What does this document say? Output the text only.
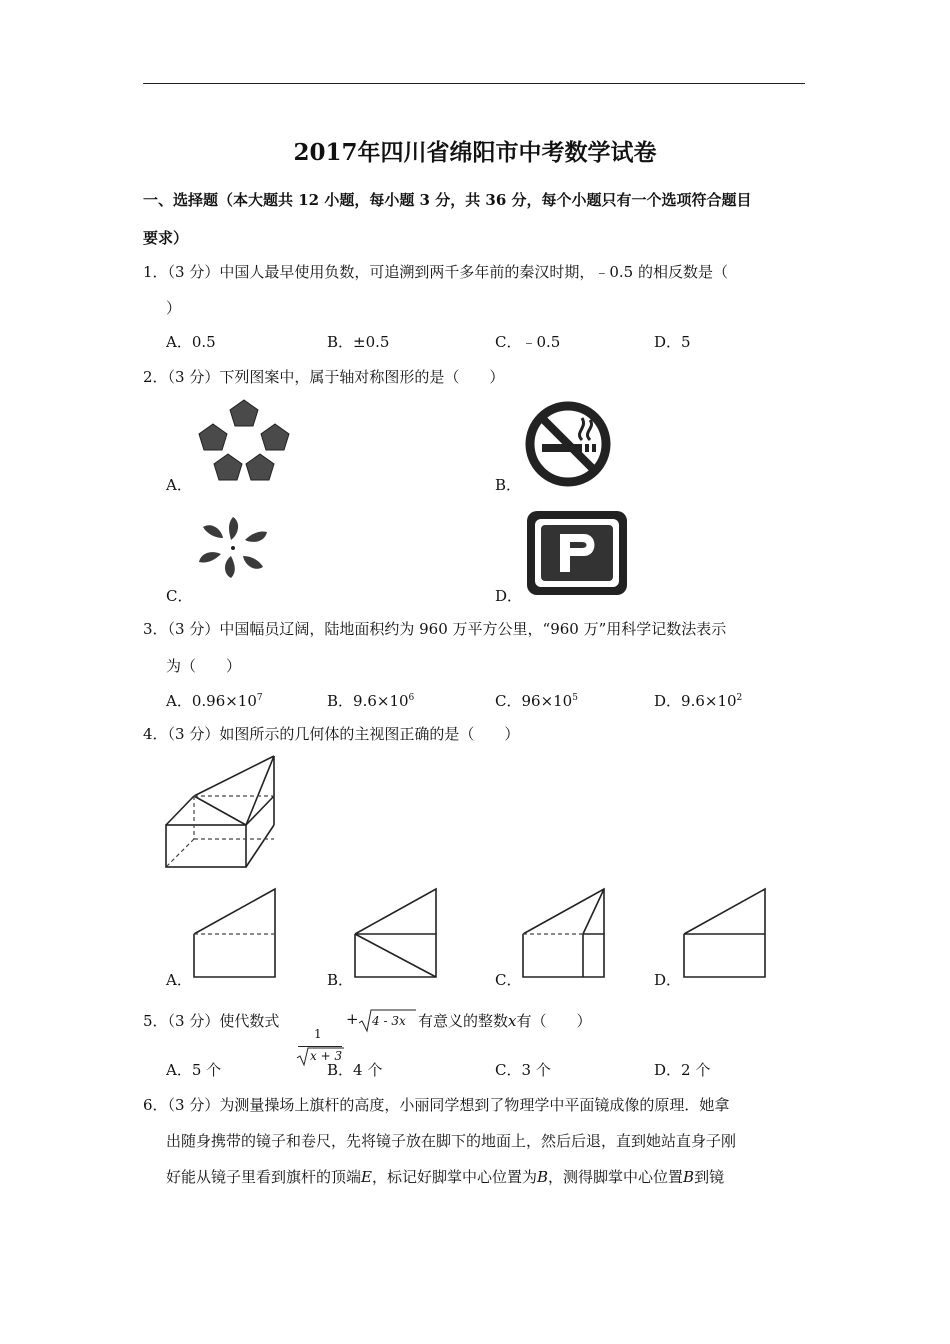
2017年四川省绵阳市中考数学试卷
一、选择题（本大题共 12 小题，每小题 3 分，共 36 分，每个小题只有一个选项符合题目
要求）
1．（3 分）中国人最早使用负数，可追溯到两千多年前的秦汉时期，﹣0.5 的相反数是（
）
A．0.5	B．±0.5	C．﹣0.5	D．5
2．（3 分）下列图案中，属于轴对称图形的是（　　）
A．	B．
C．	D．
3．（3 分）中国幅员辽阔，陆地面积约为 960 万平方公里，“960 万”用科学记数法表示
为（　　）
A．$0.96\times 10^7$	B．$9.6\times 10^6$	C．$96\times 10^5$	D．$9.6\times 10^2$
4．（3 分）如图所示的几何体的主视图正确的是（　　）
A．	B．	C．	D．
5．（3 分）使代数式
1
x + 3
+ 4 - 3x 有意义的整数x有（　　）
A．5 个	B．4 个	C．3 个	D．2 个
6．（3 分）为测量操场上旗杆的高度，小丽同学想到了物理学中平面镜成像的原理．她拿
出随身携带的镜子和卷尺，先将镜子放在脚下的地面上，然后后退，直到她站直身子刚
好能从镜子里看到旗杆的顶端E，标记好脚掌中心位置为B，测得脚掌中心位置B到镜
